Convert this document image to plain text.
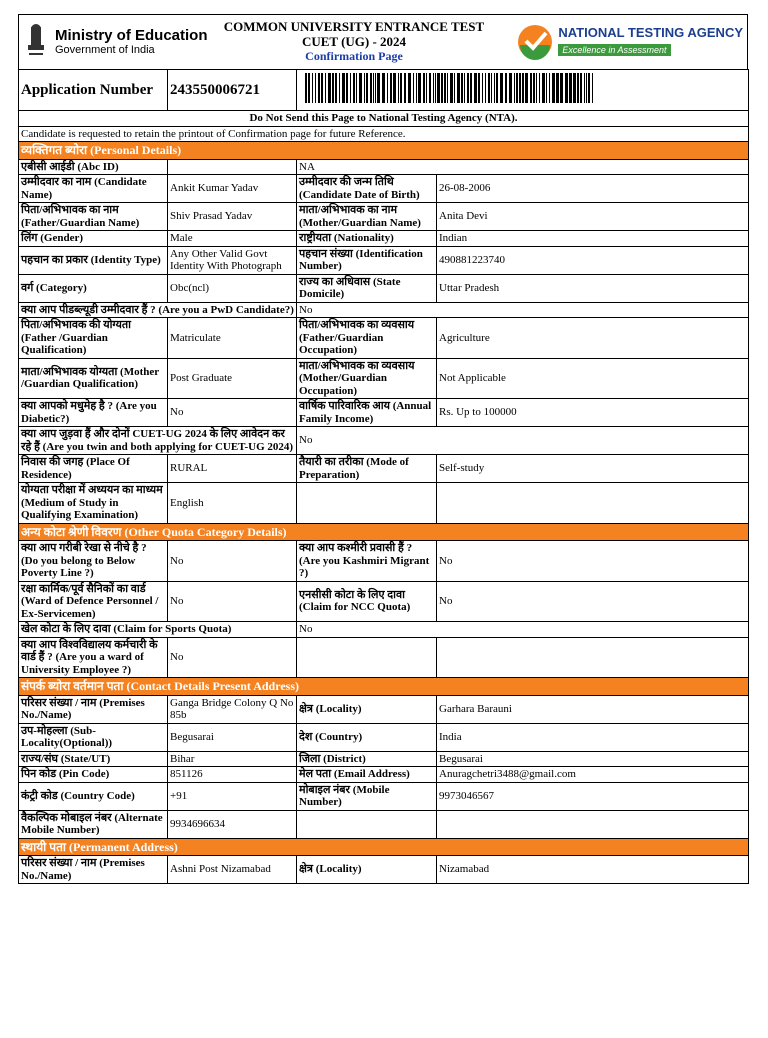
Ministry of Education
Government of India
COMMON UNIVERSITY ENTRANCE TEST
CUET (UG) - 2024
Confirmation Page
NATIONAL TESTING AGENCY
Excellence in Assessment
Application Number	243550006721	
Do Not Send this Page to National Testing Agency (NTA).			
Candidate is requested to retain the printout of Confirmation page for future Reference.			
व्यक्तिगत ब्योरा (Personal Details)			
एबीसी आईडी (Abc ID)		NA	
उम्मीदवार का नाम (Candidate Name)	Ankit Kumar Yadav	उम्मीदवार की जन्म तिथि (Candidate Date of Birth)	26-08-2006
पिता/अभिभावक का नाम (Father/Guardian Name)	Shiv Prasad Yadav	माता/अभिभावक का नाम (Mother/Guardian Name)	Anita Devi
लिंग (Gender)	Male	राष्ट्रीयता (Nationality)	Indian
पहचान का प्रकार (Identity Type)	Any Other Valid Govt Identity With Photograph	पहचान संख्या (Identification Number)	490881223740
वर्ग (Category)	Obc(ncl)	राज्य का अधिवास (State Domicile)	Uttar Pradesh
क्या आप पीडब्ल्यूडी उम्मीदवार हैं ? (Are you a PwD Candidate?)		No	
पिता/अभिभावक की योग्यता (Father /Guardian Qualification)	Matriculate	पिता/अभिभावक का व्यवसाय (Father/Guardian Occupation)	Agriculture
माता/अभिभावक योग्यता (Mother /Guardian Qualification)	Post Graduate	माता/अभिभावक का व्यवसाय (Mother/Guardian Occupation)	Not Applicable
क्या आपको मधुमेह है ? (Are you Diabetic?)	No	वार्षिक पारिवारिक आय (Annual Family Income)	Rs. Up to 100000
क्या आप जुड़वा हैं और दोनों CUET-UG 2024 के लिए आवेदन कर रहे हैं (Are you twin and both applying for CUET-UG 2024)		No	
निवास की जगह (Place Of Residence)	RURAL	तैयारी का तरीका (Mode of Preparation)	Self-study
योग्यता परीक्षा में अध्ययन का माध्यम (Medium of Study in Qualifying Examination)	English		
अन्य कोटा श्रेणी विवरण (Other Quota Category Details)			
क्या आप गरीबी रेखा से नीचे है ? (Do you belong to Below Poverty Line ?)	No	क्या आप कश्मीरी प्रवासी हैं ? (Are you Kashmiri Migrant ?)	No
रक्षा कार्मिक/पूर्व सैनिकों का वार्ड (Ward of Defence Personnel / Ex-Servicemen)	No	एनसीसी कोटा के लिए दावा (Claim for NCC Quota)	No
खेल कोटा के लिए दावा (Claim for Sports Quota)		No	
क्या आप विश्वविद्यालय कर्मचारी के वार्ड हैं ? (Are you a ward of University Employee ?)	No		
संपर्क ब्योरा वर्तमान पता (Contact Details Present Address)			
परिसर संख्या / नाम (Premises No./Name)	Ganga Bridge Colony Q No 85b	क्षेत्र (Locality)	Garhara Barauni
उप-मोहल्ला (Sub-Locality(Optional))	Begusarai	देश (Country)	India
राज्य/संघ (State/UT)	Bihar	जिला (District)	Begusarai
पिन कोड (Pin Code)	851126	मेल पता (Email Address)	Anuragchetri3488@gmail.com
कंट्री कोड (Country Code)	+91	मोबाइल नंबर (Mobile Number)	9973046567
वैकल्पिक मोबाइल नंबर (Alternate Mobile Number)	9934696634		
स्थायी पता (Permanent Address)			
परिसर संख्या / नाम (Premises No./Name)	Ashni Post Nizamabad	क्षेत्र (Locality)	Nizamabad
